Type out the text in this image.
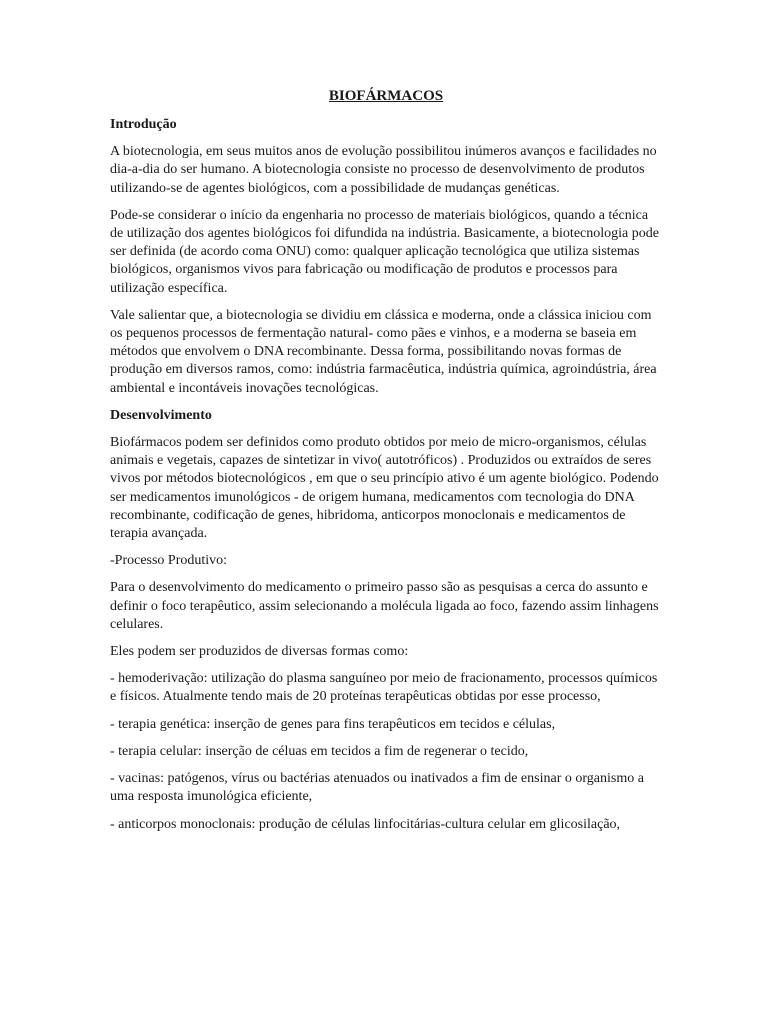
BIOFÁRMACOS
Introdução

A biotecnologia, em seus muitos anos de evolução possibilitou inúmeros avanços e facilidades no dia-a-dia do ser humano. A biotecnologia consiste no processo de desenvolvimento de produtos utilizando-se de agentes biológicos, com a possibilidade de mudanças genéticas.

Pode-se considerar o início da engenharia no processo de materiais biológicos, quando a técnica de utilização dos agentes biológicos foi difundida na indústria. Basicamente, a biotecnologia pode ser definida (de acordo coma ONU) como: qualquer aplicação tecnológica que utiliza sistemas biológicos, organismos vivos para fabricação ou modificação de produtos e processos para utilização específica.

Vale salientar que, a biotecnologia se dividiu em clássica e moderna, onde a clássica iniciou com os pequenos processos de fermentação natural- como pães e vinhos, e a moderna se baseia em métodos que envolvem o DNA recombinante. Dessa forma, possibilitando novas formas de produção em diversos ramos, como: indústria farmacêutica, indústria química, agroindústria, área ambiental e incontáveis inovações tecnológicas.

Desenvolvimento

Biofármacos podem ser definidos como produto obtidos por meio de micro-organismos, células animais e vegetais, capazes de sintetizar in vivo( autotróficos) . Produzidos ou extraídos de seres vivos por métodos biotecnológicos , em que o seu princípio ativo é um agente biológico. Podendo ser medicamentos imunológicos - de origem humana, medicamentos com tecnologia do DNA recombinante, codificação de genes, hibridoma, anticorpos monoclonais e medicamentos de terapia avançada.

-Processo Produtivo:

Para o desenvolvimento do medicamento o primeiro passo são as pesquisas a cerca do assunto e definir o foco terapêutico, assim selecionando a molécula ligada ao foco, fazendo assim linhagens celulares.

Eles podem ser produzidos de diversas formas como:

- hemoderivação: utilização do plasma sanguíneo por meio de fracionamento, processos químicos e físicos. Atualmente tendo mais de 20 proteínas terapêuticas obtidas por esse processo,

- terapia genética: inserção de genes para fins terapêuticos em tecidos e células,

- terapia celular: inserção de céluas em tecidos a fim de regenerar o tecido,

- vacinas: patógenos, vírus ou bactérias atenuados ou inativados a fim de ensinar o organismo a uma resposta imunológica eficiente,

- anticorpos monoclonais: produção de células linfocitárias-cultura celular em glicosilação,
